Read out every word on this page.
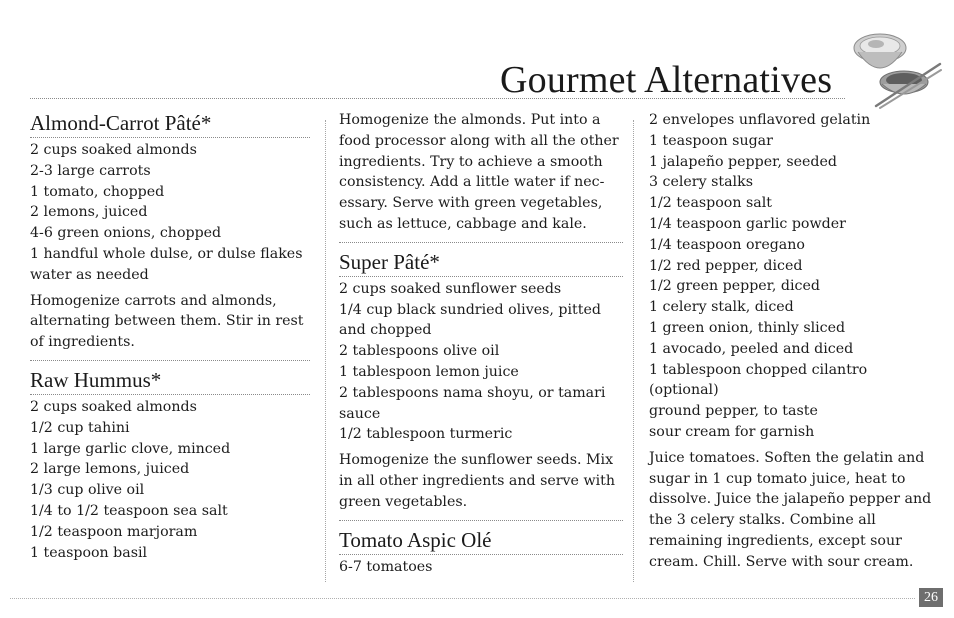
Gourmet Alternatives
Almond-Carrot Pâté*
2 cups soaked almonds
2-3 large carrots
1 tomato, chopped
2 lemons, juiced
4-6 green onions, chopped
1 handful whole dulse, or dulse flakes
water as needed

Homogenize carrots and almonds, alternating between them. Stir in rest of ingredients.

Raw Hummus*
2 cups soaked almonds
1/2 cup tahini
1 large garlic clove, minced
2 large lemons, juiced
1/3 cup olive oil
1/4 to 1/2 teaspoon sea salt
1/2 teaspoon marjoram
1 teaspoon basil

Homogenize the almonds. Put into a food processor along with all the other ingredients. Try to achieve a smooth consistency. Add a little water if nec-essary. Serve with green vegetables, such as lettuce, cabbage and kale.

Super Pâté*
2 cups soaked sunflower seeds
1/4 cup black sundried olives, pitted and chopped
2 tablespoons olive oil
1 tablespoon lemon juice
2 tablespoons nama shoyu, or tamari sauce
1/2 tablespoon turmeric

Homogenize the sunflower seeds. Mix in all other ingredients and serve with green vegetables.

Tomato Aspic Olé
6-7 tomatoes
2 envelopes unflavored gelatin
1 teaspoon sugar
1 jalapeño pepper, seeded
3 celery stalks
1/2 teaspoon salt
1/4 teaspoon garlic powder
1/4 teaspoon oregano
1/2 red pepper, diced
1/2 green pepper, diced
1 celery stalk, diced
1 green onion, thinly sliced
1 avocado, peeled and diced
1 tablespoon chopped cilantro (optional)
ground pepper, to taste
sour cream for garnish

Juice tomatoes. Soften the gelatin and sugar in 1 cup tomato juice, heat to dissolve. Juice the jalapeño pepper and the 3 celery stalks. Combine all remaining ingredients, except sour cream. Chill. Serve with sour cream.

26
